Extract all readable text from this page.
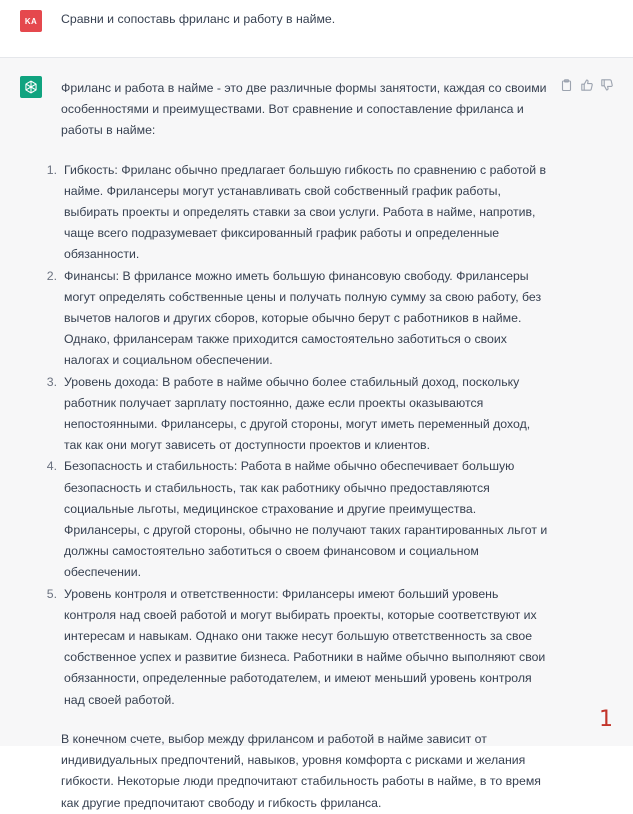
KA	Сравни и сопоставь фриланс и работу в найме.

Фриланс и работа в найме - это две различные формы занятости, каждая со своими особенностями и преимуществами. Вот сравнение и сопоставление фриланса и работы в найме:

1. Гибкость: Фриланс обычно предлагает большую гибкость по сравнению с работой в найме. Фрилансеры могут устанавливать свой собственный график работы, выбирать проекты и определять ставки за свои услуги. Работа в найме, напротив, чаще всего подразумевает фиксированный график работы и определенные обязанности.
2. Финансы: В фрилансе можно иметь большую финансовую свободу. Фрилансеры могут определять собственные цены и получать полную сумму за свою работу, без вычетов налогов и других сборов, которые обычно берут с работников в найме. Однако, фрилансерам также приходится самостоятельно заботиться о своих налогах и социальном обеспечении.
3. Уровень дохода: В работе в найме обычно более стабильный доход, поскольку работник получает зарплату постоянно, даже если проекты оказываются непостоянными. Фрилансеры, с другой стороны, могут иметь переменный доход, так как они могут зависеть от доступности проектов и клиентов.
4. Безопасность и стабильность: Работа в найме обычно обеспечивает большую безопасность и стабильность, так как работнику обычно предоставляются социальные льготы, медицинское страхование и другие преимущества. Фрилансеры, с другой стороны, обычно не получают таких гарантированных льгот и должны самостоятельно заботиться о своем финансовом и социальном обеспечении.
5. Уровень контроля и ответственности: Фрилансеры имеют больший уровень контроля над своей работой и могут выбирать проекты, которые соответствуют их интересам и навыкам. Однако они также несут большую ответственность за свое собственное успех и развитие бизнеса. Работники в найме обычно выполняют свои обязанности, определенные работодателем, и имеют меньший уровень контроля над своей работой.

В конечном счете, выбор между фрилансом и работой в найме зависит от индивидуальных предпочтений, навыков, уровня комфорта с рисками и желания гибкости. Некоторые люди предпочитают стабильность работы в найме, в то время как другие предпочитают свободу и гибкость фриланса.

1
